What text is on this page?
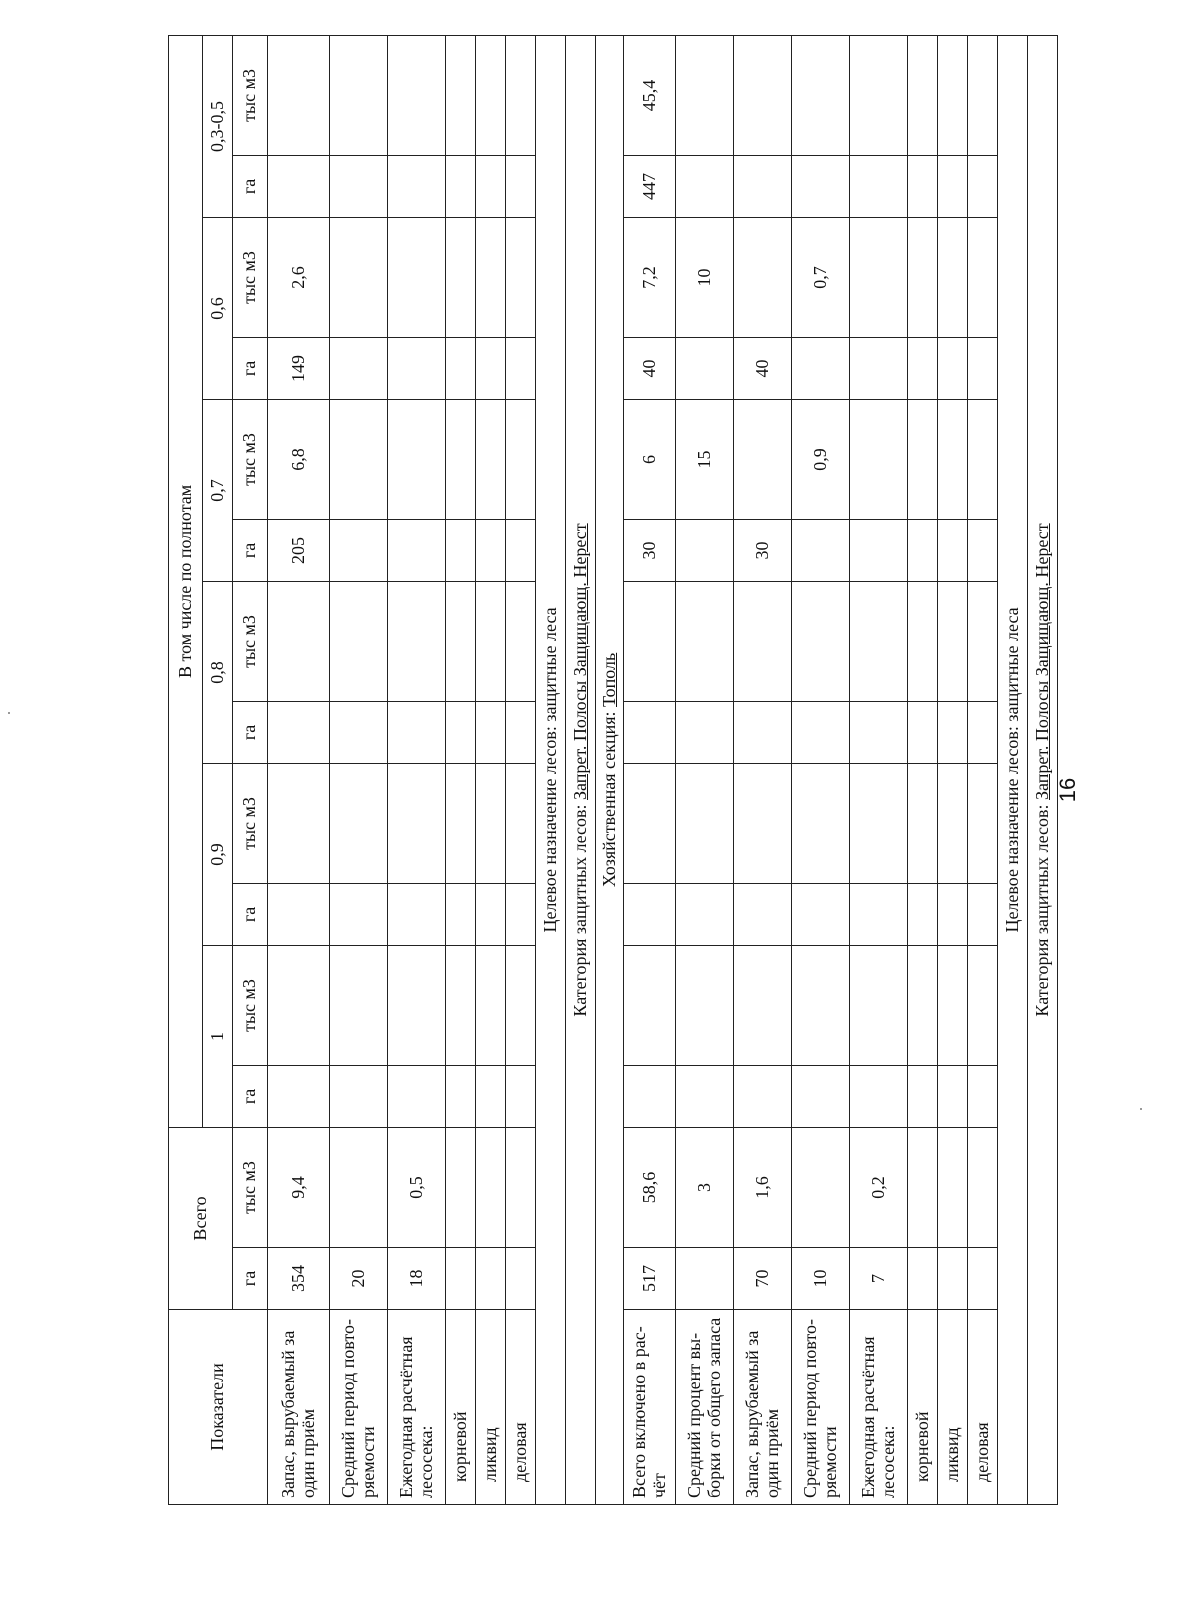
Показатели	Всего		В том числе по полнотам											
			1		0,9		0,8		0,7		0,6		0,3-0,5	
	га	тыс м3	га	тыс м3	га	тыс м3	га	тыс м3	га	тыс м3	га	тыс м3	га	тыс м3
Запас, вырубаемый за один приём	354	9,4							205	6,8	149	2,6		
Средний период повто-ряемости	20													
Ежегодная расчётная лесосека:	18	0,5												
корневой														
ликвид														
деловая														
Целевое назначение лесов: защитные леса														
Категория защитных лесов: Запрет. Полосы Защищающ. Нерест														
Хозяйственная секция: Тополь														
Всего включено в рас-чёт	517	58,6							30	6	40	7,2	447	45,4
Средний процент вы-борки от общего запаса		3								15		10		
Запас, вырубаемый за один приём	70	1,6							30		40			
Средний период повто-ряемости	10									0,9		0,7		
Ежегодная расчётная лесосека:	7	0,2												
корневой														
ликвид														
деловая														
Целевое назначение лесов: защитные леса														
Категория защитных лесов: Запрет. Полосы Защищающ. Нерест														16
